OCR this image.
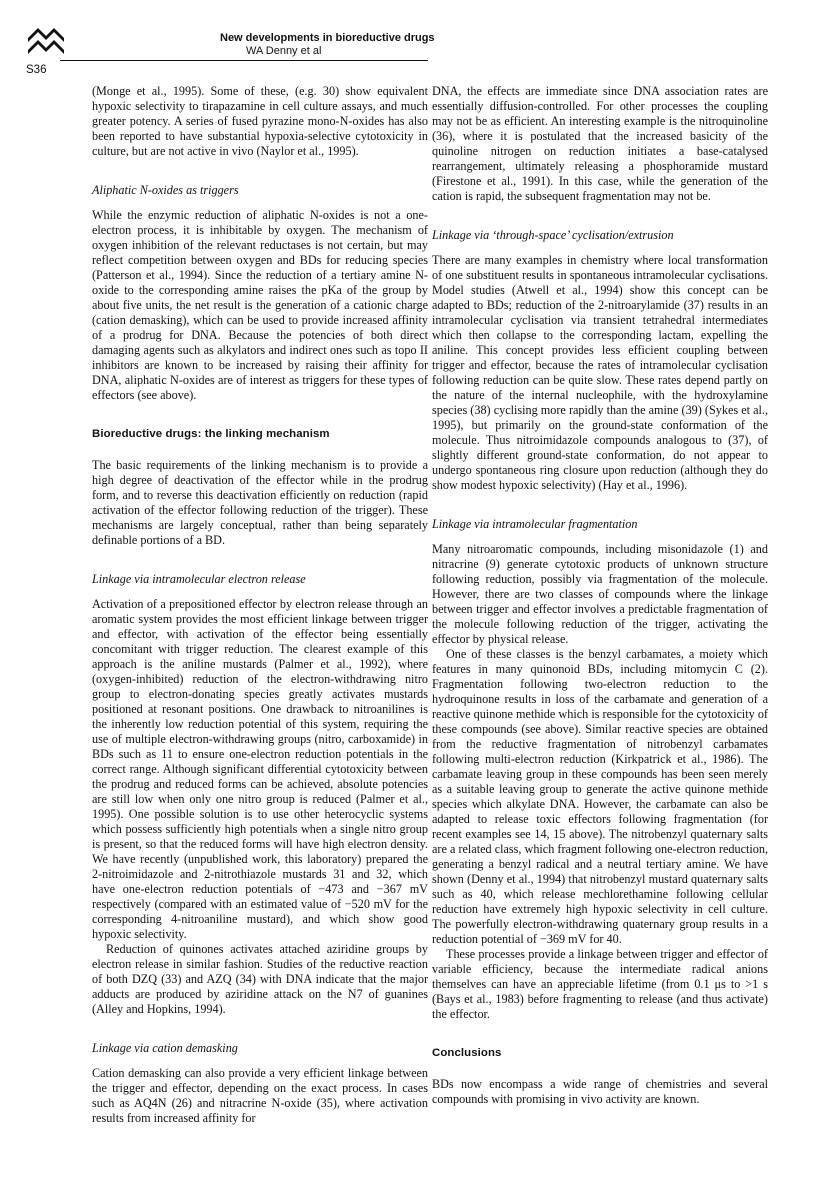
New developments in bioreductive drugs
WA Denny et al
S36

(Monge et al., 1995). Some of these, (e.g. 30) show equivalent hypoxic selectivity to tirapazamine in cell culture assays, and much greater potency. A series of fused pyrazine mono-N-oxides has also been reported to have substantial hypoxia-selective cytotoxicity in culture, but are not active in vivo (Naylor et al., 1995).

Aliphatic N-oxides as triggers

While the enzymic reduction of aliphatic N-oxides is not a one-electron process, it is inhibitable by oxygen. The mechanism of oxygen inhibition of the relevant reductases is not certain, but may reflect competition between oxygen and BDs for reducing species (Patterson et al., 1994). Since the reduction of a tertiary amine N-oxide to the corresponding amine raises the pKa of the group by about five units, the net result is the generation of a cationic charge (cation demasking), which can be used to provide increased affinity of a prodrug for DNA. Because the potencies of both direct damaging agents such as alkylators and indirect ones such as topo II inhibitors are known to be increased by raising their affinity for DNA, aliphatic N-oxides are of interest as triggers for these types of effectors (see above).

Bioreductive drugs: the linking mechanism

The basic requirements of the linking mechanism is to provide a high degree of deactivation of the effector while in the prodrug form, and to reverse this deactivation efficiently on reduction (rapid activation of the effector following reduction of the trigger). These mechanisms are largely conceptual, rather than being separately definable portions of a BD.

Linkage via intramolecular electron release

Activation of a prepositioned effector by electron release through an aromatic system provides the most efficient linkage between trigger and effector, with activation of the effector being essentially concomitant with trigger reduction. The clearest example of this approach is the aniline mustards (Palmer et al., 1992), where (oxygen-inhibited) reduction of the electron-withdrawing nitro group to electron-donating species greatly activates mustards positioned at resonant positions. One drawback to nitroanilines is the inherently low reduction potential of this system, requiring the use of multiple electron-withdrawing groups (nitro, carboxamide) in BDs such as 11 to ensure one-electron reduction potentials in the correct range. Although significant differential cytotoxicity between the prodrug and reduced forms can be achieved, absolute potencies are still low when only one nitro group is reduced (Palmer et al., 1995). One possible solution is to use other heterocyclic systems which possess sufficiently high potentials when a single nitro group is present, so that the reduced forms will have high electron density. We have recently (unpublished work, this laboratory) prepared the 2-nitroimidazole and 2-nitrothiazole mustards 31 and 32, which have one-electron reduction potentials of −473 and −367 mV respectively (compared with an estimated value of −520 mV for the corresponding 4-nitroaniline mustard), and which show good hypoxic selectivity.

Reduction of quinones activates attached aziridine groups by electron release in similar fashion. Studies of the reductive reaction of both DZQ (33) and AZQ (34) with DNA indicate that the major adducts are produced by aziridine attack on the N7 of guanines (Alley and Hopkins, 1994).

Linkage via cation demasking

Cation demasking can also provide a very efficient linkage between the trigger and effector, depending on the exact process. In cases such as AQ4N (26) and nitracrine N-oxide (35), where activation results from increased affinity for

DNA, the effects are immediate since DNA association rates are essentially diffusion-controlled. For other processes the coupling may not be as efficient. An interesting example is the nitroquinoline (36), where it is postulated that the increased basicity of the quinoline nitrogen on reduction initiates a base-catalysed rearrangement, ultimately releasing a phosphoramide mustard (Firestone et al., 1991). In this case, while the generation of the cation is rapid, the subsequent fragmentation may not be.

Linkage via ‘through-space’ cyclisation/extrusion

There are many examples in chemistry where local transformation of one substituent results in spontaneous intramolecular cyclisations. Model studies (Atwell et al., 1994) show this concept can be adapted to BDs; reduction of the 2-nitroarylamide (37) results in an intramolecular cyclisation via transient tetrahedral intermediates which then collapse to the corresponding lactam, expelling the aniline. This concept provides less efficient coupling between trigger and effector, because the rates of intramolecular cyclisation following reduction can be quite slow. These rates depend partly on the nature of the internal nucleophile, with the hydroxylamine species (38) cyclising more rapidly than the amine (39) (Sykes et al., 1995), but primarily on the ground-state conformation of the molecule. Thus nitroimidazole compounds analogous to (37), of slightly different ground-state conformation, do not appear to undergo spontaneous ring closure upon reduction (although they do show modest hypoxic selectivity) (Hay et al., 1996).

Linkage via intramolecular fragmentation

Many nitroaromatic compounds, including misonidazole (1) and nitracrine (9) generate cytotoxic products of unknown structure following reduction, possibly via fragmentation of the molecule. However, there are two classes of compounds where the linkage between trigger and effector involves a predictable fragmentation of the molecule following reduction of the trigger, activating the effector by physical release.

One of these classes is the benzyl carbamates, a moiety which features in many quinonoid BDs, including mitomycin C (2). Fragmentation following two-electron reduction to the hydroquinone results in loss of the carbamate and generation of a reactive quinone methide which is responsible for the cytotoxicity of these compounds (see above). Similar reactive species are obtained from the reductive fragmentation of nitrobenzyl carbamates following multi-electron reduction (Kirkpatrick et al., 1986). The carbamate leaving group in these compounds has been seen merely as a suitable leaving group to generate the active quinone methide species which alkylate DNA. However, the carbamate can also be adapted to release toxic effectors following fragmentation (for recent examples see 14, 15 above). The nitrobenzyl quaternary salts are a related class, which fragment following one-electron reduction, generating a benzyl radical and a neutral tertiary amine. We have shown (Denny et al., 1994) that nitrobenzyl mustard quaternary salts such as 40, which release mechlorethamine following cellular reduction have extremely high hypoxic selectivity in cell culture. The powerfully electron-withdrawing quaternary group results in a reduction potential of −369 mV for 40.

These processes provide a linkage between trigger and effector of variable efficiency, because the intermediate radical anions themselves can have an appreciable lifetime (from 0.1 μs to >1 s (Bays et al., 1983) before fragmenting to release (and thus activate) the effector.

Conclusions

BDs now encompass a wide range of chemistries and several compounds with promising in vivo activity are known.
